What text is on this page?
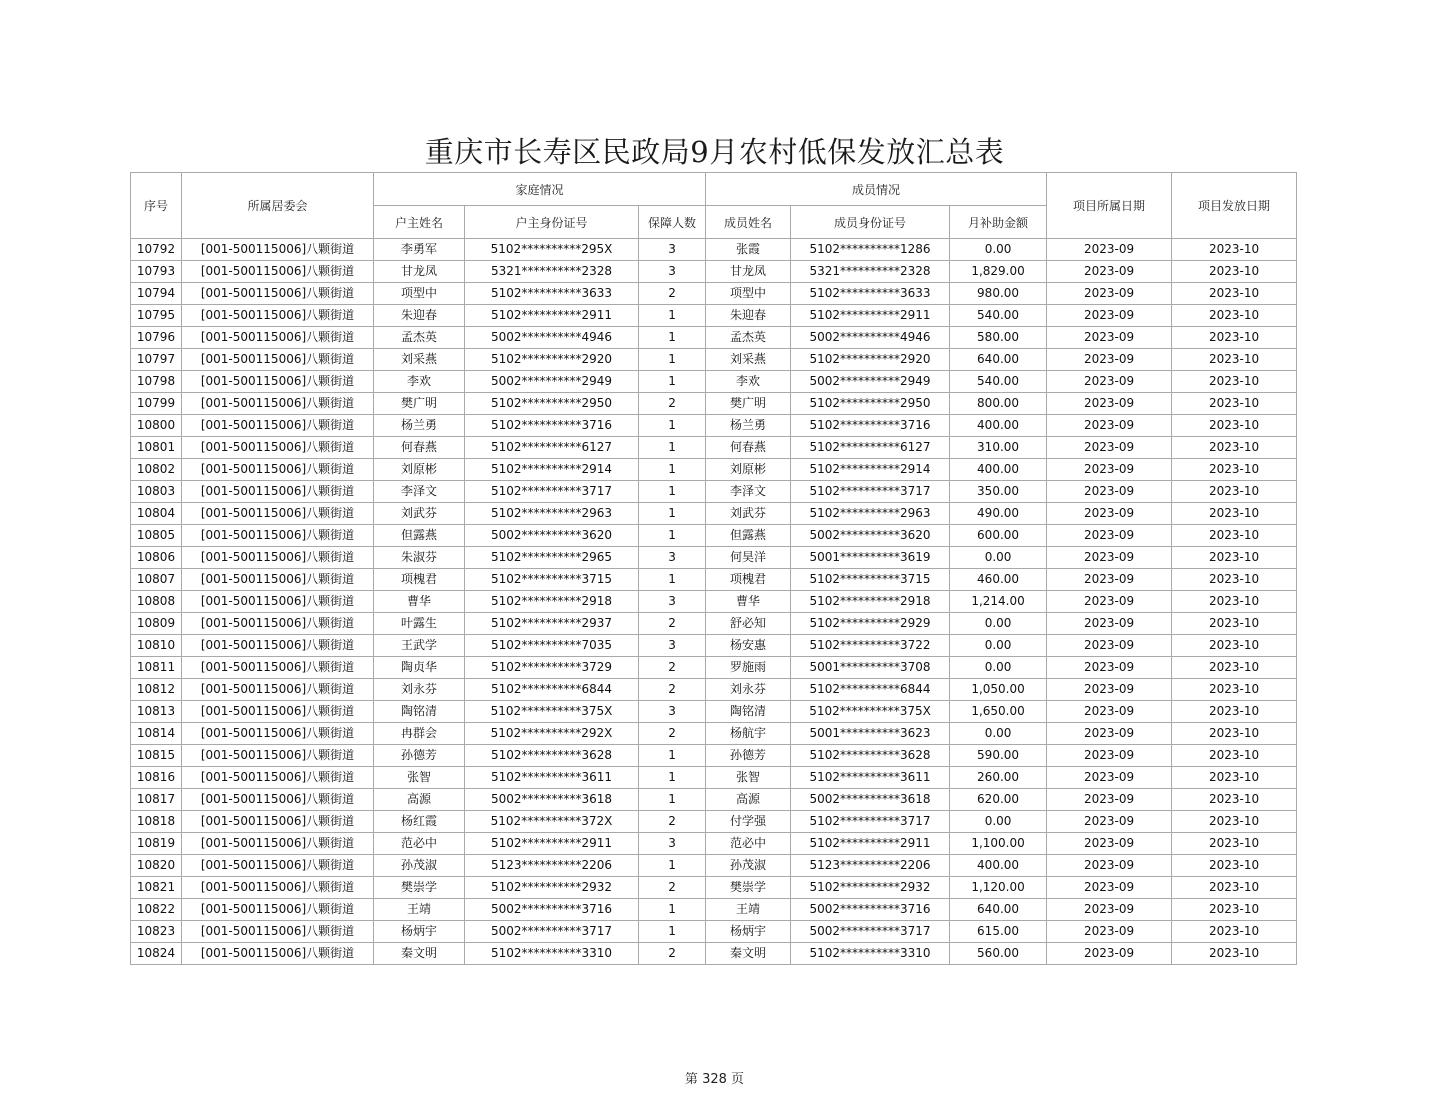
重庆市长寿区民政局9月农村低保发放汇总表
序号	所属居委会	家庭情况			成员情况			项目所属日期	项目发放日期
		户主姓名	户主身份证号	保障人数	成员姓名	成员身份证号	月补助金额		
10792	[001-500115006]八颗街道	李勇军	5102**********295X	3	张霞	5102**********1286	0.00	2023-09	2023-10
10793	[001-500115006]八颗街道	甘龙凤	5321**********2328	3	甘龙凤	5321**********2328	1,829.00	2023-09	2023-10
10794	[001-500115006]八颗街道	项型中	5102**********3633	2	项型中	5102**********3633	980.00	2023-09	2023-10
10795	[001-500115006]八颗街道	朱迎春	5102**********2911	1	朱迎春	5102**********2911	540.00	2023-09	2023-10
10796	[001-500115006]八颗街道	孟杰英	5002**********4946	1	孟杰英	5002**********4946	580.00	2023-09	2023-10
10797	[001-500115006]八颗街道	刘采燕	5102**********2920	1	刘采燕	5102**********2920	640.00	2023-09	2023-10
10798	[001-500115006]八颗街道	李欢	5002**********2949	1	李欢	5002**********2949	540.00	2023-09	2023-10
10799	[001-500115006]八颗街道	樊广明	5102**********2950	2	樊广明	5102**********2950	800.00	2023-09	2023-10
10800	[001-500115006]八颗街道	杨兰勇	5102**********3716	1	杨兰勇	5102**********3716	400.00	2023-09	2023-10
10801	[001-500115006]八颗街道	何春燕	5102**********6127	1	何春燕	5102**********6127	310.00	2023-09	2023-10
10802	[001-500115006]八颗街道	刘原彬	5102**********2914	1	刘原彬	5102**********2914	400.00	2023-09	2023-10
10803	[001-500115006]八颗街道	李泽文	5102**********3717	1	李泽文	5102**********3717	350.00	2023-09	2023-10
10804	[001-500115006]八颗街道	刘武芬	5102**********2963	1	刘武芬	5102**********2963	490.00	2023-09	2023-10
10805	[001-500115006]八颗街道	但露燕	5002**********3620	1	但露燕	5002**********3620	600.00	2023-09	2023-10
10806	[001-500115006]八颗街道	朱淑芬	5102**********2965	3	何昊洋	5001**********3619	0.00	2023-09	2023-10
10807	[001-500115006]八颗街道	项槐君	5102**********3715	1	项槐君	5102**********3715	460.00	2023-09	2023-10
10808	[001-500115006]八颗街道	曹华	5102**********2918	3	曹华	5102**********2918	1,214.00	2023-09	2023-10
10809	[001-500115006]八颗街道	叶露生	5102**********2937	2	舒必知	5102**********2929	0.00	2023-09	2023-10
10810	[001-500115006]八颗街道	王武学	5102**********7035	3	杨安惠	5102**********3722	0.00	2023-09	2023-10
10811	[001-500115006]八颗街道	陶贞华	5102**********3729	2	罗施雨	5001**********3708	0.00	2023-09	2023-10
10812	[001-500115006]八颗街道	刘永芬	5102**********6844	2	刘永芬	5102**********6844	1,050.00	2023-09	2023-10
10813	[001-500115006]八颗街道	陶铭清	5102**********375X	3	陶铭清	5102**********375X	1,650.00	2023-09	2023-10
10814	[001-500115006]八颗街道	冉群会	5102**********292X	2	杨航宇	5001**********3623	0.00	2023-09	2023-10
10815	[001-500115006]八颗街道	孙德芳	5102**********3628	1	孙德芳	5102**********3628	590.00	2023-09	2023-10
10816	[001-500115006]八颗街道	张智	5102**********3611	1	张智	5102**********3611	260.00	2023-09	2023-10
10817	[001-500115006]八颗街道	高源	5002**********3618	1	高源	5002**********3618	620.00	2023-09	2023-10
10818	[001-500115006]八颗街道	杨红霞	5102**********372X	2	付学强	5102**********3717	0.00	2023-09	2023-10
10819	[001-500115006]八颗街道	范必中	5102**********2911	3	范必中	5102**********2911	1,100.00	2023-09	2023-10
10820	[001-500115006]八颗街道	孙茂淑	5123**********2206	1	孙茂淑	5123**********2206	400.00	2023-09	2023-10
10821	[001-500115006]八颗街道	樊崇学	5102**********2932	2	樊崇学	5102**********2932	1,120.00	2023-09	2023-10
10822	[001-500115006]八颗街道	王靖	5002**********3716	1	王靖	5002**********3716	640.00	2023-09	2023-10
10823	[001-500115006]八颗街道	杨炳宇	5002**********3717	1	杨炳宇	5002**********3717	615.00	2023-09	2023-10
10824	[001-500115006]八颗街道	秦文明	5102**********3310	2	秦文明	5102**********3310	560.00	2023-09	2023-10
第 328 页
